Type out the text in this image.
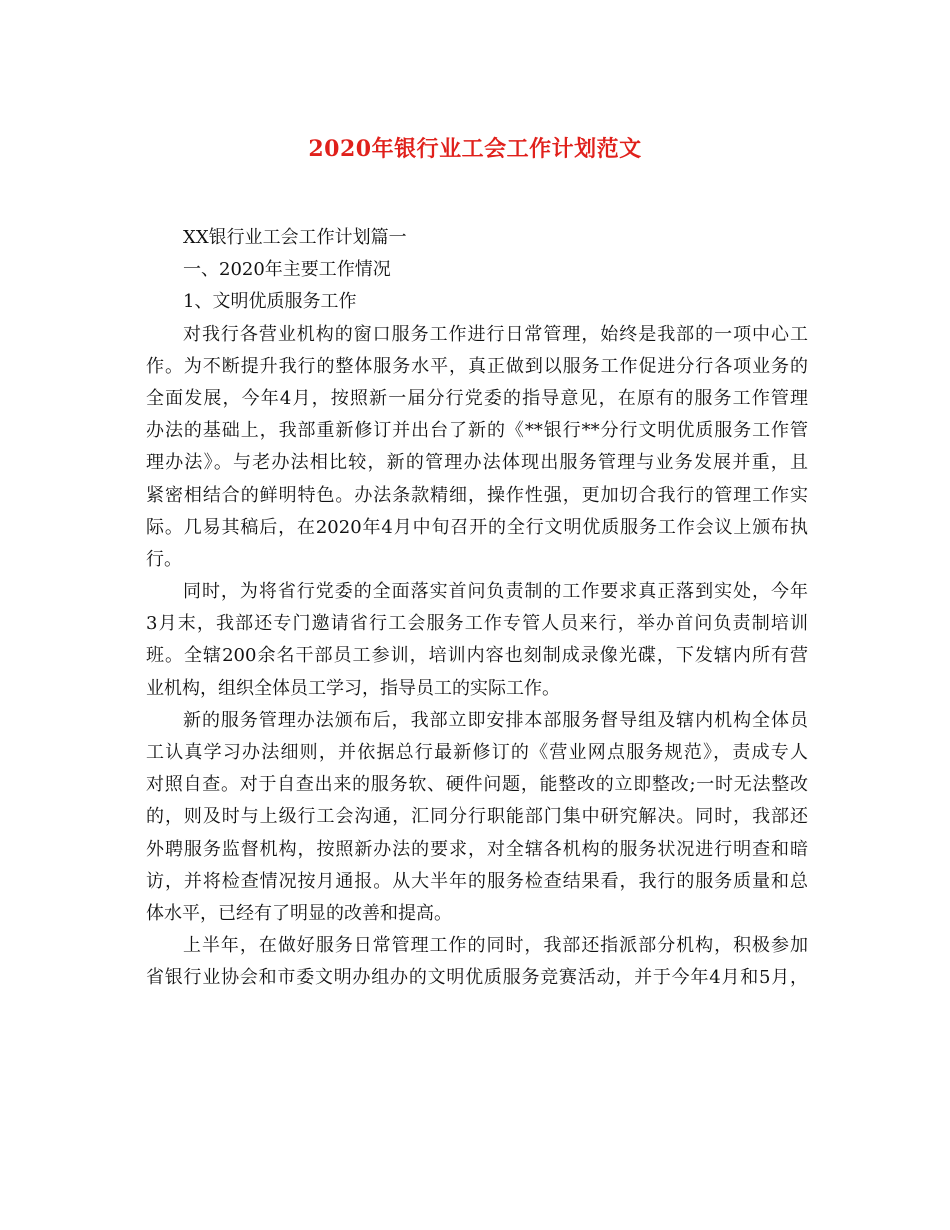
2020年银行业工会工作计划范文
XX银行业工会工作计划篇一
一、2020年主要工作情况
1、文明优质服务工作
对我行各营业机构的窗口服务工作进行日常管理，始终是我部的一项中心工
作。为不断提升我行的整体服务水平，真正做到以服务工作促进分行各项业务的
全面发展，今年4月，按照新一届分行党委的指导意见，在原有的服务工作管理
办法的基础上，我部重新修订并出台了新的《**银行**分行文明优质服务工作管
理办法》。与老办法相比较，新的管理办法体现出服务管理与业务发展并重，且
紧密相结合的鲜明特色。办法条款精细，操作性强，更加切合我行的管理工作实
际。几易其稿后，在2020年4月中旬召开的全行文明优质服务工作会议上颁布执
行。
同时，为将省行党委的全面落实首问负责制的工作要求真正落到实处，今年
3月末，我部还专门邀请省行工会服务工作专管人员来行，举办首问负责制培训
班。全辖200余名干部员工参训，培训内容也刻制成录像光碟，下发辖内所有营
业机构，组织全体员工学习，指导员工的实际工作。
新的服务管理办法颁布后，我部立即安排本部服务督导组及辖内机构全体员
工认真学习办法细则，并依据总行最新修订的《营业网点服务规范》，责成专人
对照自查。对于自查出来的服务软、硬件问题，能整改的立即整改;一时无法整改
的，则及时与上级行工会沟通，汇同分行职能部门集中研究解决。同时，我部还
外聘服务监督机构，按照新办法的要求，对全辖各机构的服务状况进行明查和暗
访，并将检查情况按月通报。从大半年的服务检查结果看，我行的服务质量和总
体水平，已经有了明显的改善和提高。
上半年，在做好服务日常管理工作的同时，我部还指派部分机构，积极参加
省银行业协会和市委文明办组办的文明优质服务竞赛活动，并于今年4月和5月，
